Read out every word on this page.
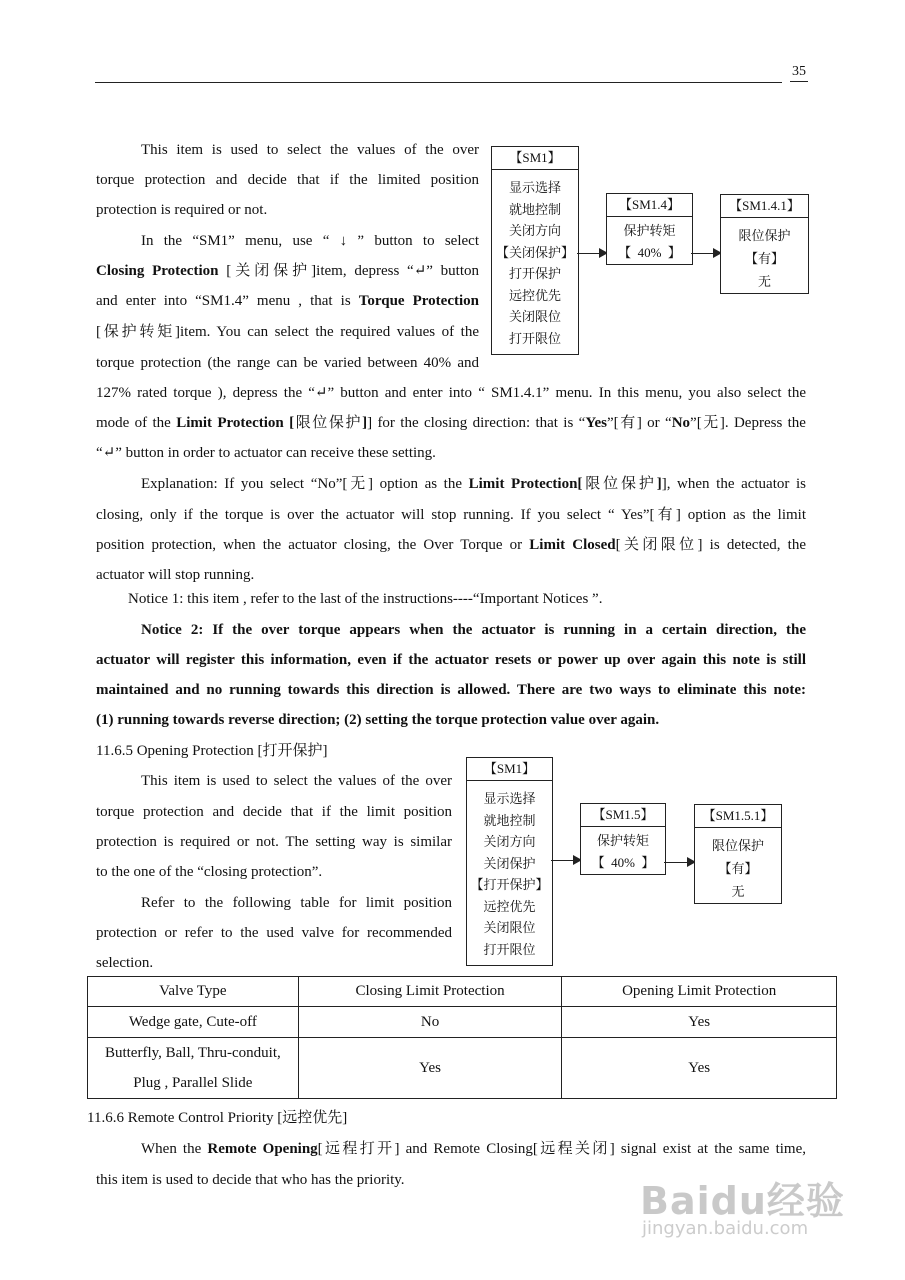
35
This item is used to select the values of the over
torque protection and decide that if the limited position
protection is required or not.
In the “SM1” menu, use “ ↓ ” button to select
Closing Protection [关闭保护]item, depress “↵” button
and enter into “SM1.4” menu , that is Torque Protection
[保护转矩]item. You can select the required values of the
torque protection (the range can be varied between 40% and
127% rated torque ), depress the “↵” button and enter into “ SM1.4.1” menu. In this menu, you also select the
mode of the Limit Protection [限位保护]] for the closing direction: that is “Yes”[有] or “No”[无]. Depress the
“↵” button in order to actuator can receive these setting.
Explanation: If you select “No”[无] option as the Limit Protection[限位保护]], when the actuator is
closing, only if the torque is over the actuator will stop running. If you select “ Yes”[有] option as the limit
position protection, when the actuator closing, the Over Torque or Limit Closed[关闭限位] is detected, the
actuator will stop running.
Notice 1: this item , refer to the last of the instructions----“Important Notices ”.
Notice 2: If the over torque appears when the actuator is running in a certain direction, the
actuator will register this information, even if the actuator resets or power up over again this note is still
maintained and no running towards this direction is allowed. There are two ways to eliminate this note:
(1) running towards reverse direction; (2) setting the torque protection value over again.
【SM1】
显示选择
就地控制
关闭方向
【关闭保护】
打开保护
远控优先
关闭限位
打开限位
【SM1.4】
保护转矩
【  40%  】
【SM1.4.1】
限位保护
【有】
无
11.6.5 Opening Protection [打开保护]
This item is used to select the values of the over
torque protection and decide that if the limit position
protection is required or not. The setting way is similar
to the one of the “closing protection”.
Refer to the following table for limit position
protection or refer to the used valve for recommended
selection.
【SM1】
显示选择
就地控制
关闭方向
关闭保护
【打开保护】
远控优先
关闭限位
打开限位
【SM1.5】
保护转矩
【  40%  】
【SM1.5.1】
限位保护
【有】
无
Valve Type	Closing Limit Protection	Opening Limit Protection
Wedge gate, Cute-off	No	Yes

Butterfly, Ball, Thru-conduit,
Plug , Parallel Slide	Yes	Yes
11.6.6 Remote Control Priority [远控优先]
When the Remote Opening[远程打开] and Remote Closing[远程关闭] signal exist at the same time,
this item is used to decide that who has the priority.	Baidu经验
jingyan.baidu.com
